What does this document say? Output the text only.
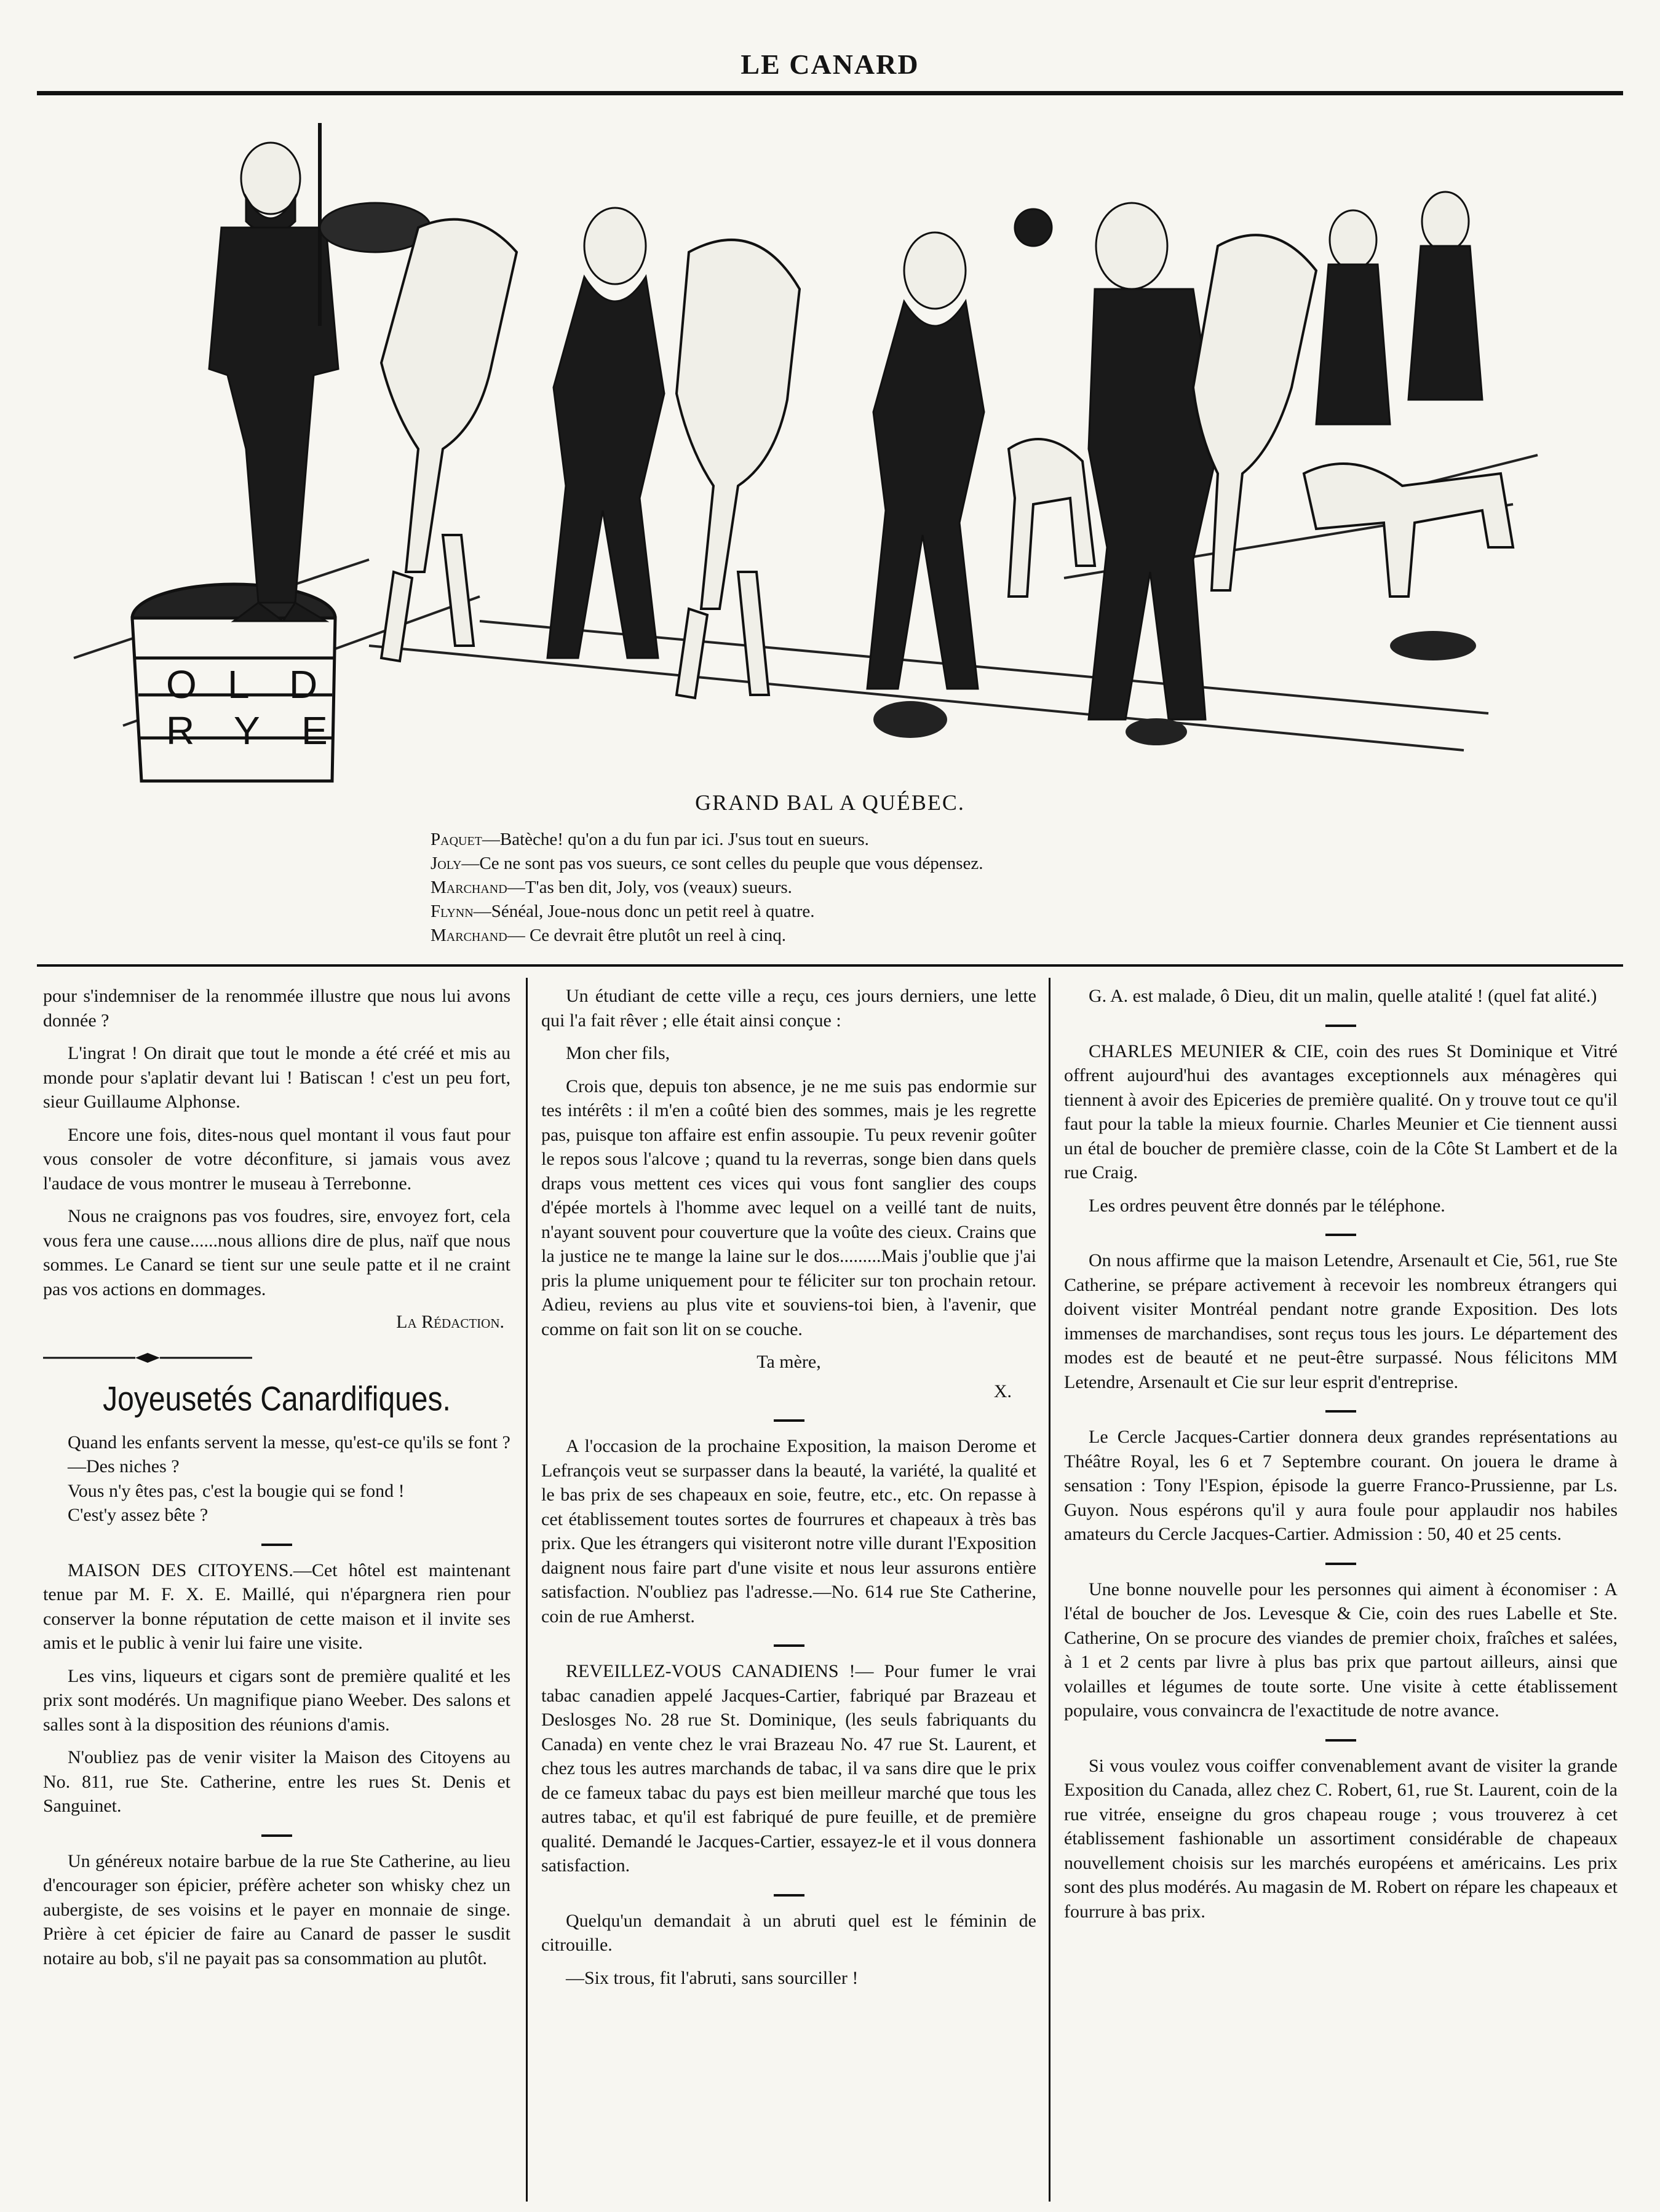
LE CANARD
O L D
R Y E
GRAND BAL A QUÉBEC.
Paquet—Batèche! qu'on a du fun par ici. J'sus tout en sueurs.
Joly—Ce ne sont pas vos sueurs, ce sont celles du peuple que vous dépensez.
Marchand—T'as ben dit, Joly, vos (veaux) sueurs.
Flynn—Sénéal, Joue-nous donc un petit reel à quatre.
Marchand— Ce devrait être plutôt un reel à cinq.

pour s'indemniser de la renommée illustre que nous lui avons donnée ?

L'ingrat ! On dirait que tout le monde a été créé et mis au monde pour s'aplatir devant lui ! Batiscan ! c'est un peu fort, sieur Guillaume Alphonse.

Encore une fois, dites-nous quel montant il vous faut pour vous consoler de votre déconfiture, si jamais vous avez l'audace de vous montrer le museau à Terrebonne.

Nous ne craignons pas vos foudres, sire, envoyez fort, cela vous fera une cause......nous allions dire de plus, naïf que nous sommes. Le Canard se tient sur une seule patte et il ne craint pas vos actions en dommages.

La Rédaction.
Joyeusetés Canardifiques.

Quand les enfants servent la messe, qu'est-ce qu'ils se font ?

—Des niches ?

Vous n'y êtes pas, c'est la bougie qui se fond !

C'est'y assez bête ?

MAISON DES CITOYENS.—Cet hôtel est maintenant tenue par M. F. X. E. Maillé, qui n'épargnera rien pour conserver la bonne réputation de cette maison et il invite ses amis et le public à venir lui faire une visite.

Les vins, liqueurs et cigars sont de première qualité et les prix sont modérés. Un magnifique piano Weeber. Des salons et salles sont à la disposition des réunions d'amis.

N'oubliez pas de venir visiter la Maison des Citoyens au No. 811, rue Ste. Catherine, entre les rues St. Denis et Sanguinet.

Un généreux notaire barbue de la rue Ste Catherine, au lieu d'encourager son épicier, préfère acheter son whisky chez un aubergiste, de ses voisins et le payer en monnaie de singe. Prière à cet épicier de faire au Canard de passer le susdit notaire au bob, s'il ne payait pas sa consommation au plutôt.

Un étudiant de cette ville a reçu, ces jours derniers, une lette qui l'a fait rêver ; elle était ainsi conçue :

Mon cher fils,

Crois que, depuis ton absence, je ne me suis pas endormie sur tes intérêts : il m'en a coûté bien des sommes, mais je les regrette pas, puisque ton affaire est enfin assoupie. Tu peux revenir goûter le repos sous l'alcove ; quand tu la reverras, songe bien dans quels draps vous mettent ces vices qui vous font sanglier des coups d'épée mortels à l'homme avec lequel on a veillé tant de nuits, n'ayant souvent pour couverture que la voûte des cieux. Crains que la justice ne te mange la laine sur le dos.........Mais j'oublie que j'ai pris la plume uniquement pour te féliciter sur ton prochain retour. Adieu, reviens au plus vite et souviens-toi bien, à l'avenir, que comme on fait son lit on se couche.

Ta mère,
X.

A l'occasion de la prochaine Exposition, la maison Derome et Lefrançois veut se surpasser dans la beauté, la variété, la qualité et le bas prix de ses chapeaux en soie, feutre, etc., etc. On repasse à cet établissement toutes sortes de fourrures et chapeaux à très bas prix. Que les étrangers qui visiteront notre ville durant l'Exposition daignent nous faire part d'une visite et nous leur assurons entière satisfaction. N'oubliez pas l'adresse.—No. 614 rue Ste Catherine, coin de rue Amherst.

REVEILLEZ-VOUS CANADIENS !— Pour fumer le vrai tabac canadien appelé Jacques-Cartier, fabriqué par Brazeau et Deslosges No. 28 rue St. Dominique, (les seuls fabriquants du Canada) en vente chez le vrai Brazeau No. 47 rue St. Laurent, et chez tous les autres marchands de tabac, il va sans dire que le prix de ce fameux tabac du pays est bien meilleur marché que tous les autres tabac, et qu'il est fabriqué de pure feuille, et de première qualité. Demandé le Jacques-Cartier, essayez-le et il vous donnera satisfaction.

Quelqu'un demandait à un abruti quel est le féminin de citrouille.

—Six trous, fit l'abruti, sans sourciller !

G. A. est malade, ô Dieu, dit un malin, quelle atalité ! (quel fat alité.)

CHARLES MEUNIER & CIE, coin des rues St Dominique et Vitré offrent aujourd'hui des avantages exceptionnels aux ménagères qui tiennent à avoir des Epiceries de première qualité. On y trouve tout ce qu'il faut pour la table la mieux fournie. Charles Meunier et Cie tiennent aussi un étal de boucher de première classe, coin de la Côte St Lambert et de la rue Craig.

Les ordres peuvent être donnés par le téléphone.

On nous affirme que la maison Letendre, Arsenault et Cie, 561, rue Ste Catherine, se prépare activement à recevoir les nombreux étrangers qui doivent visiter Montréal pendant notre grande Exposition. Des lots immenses de marchandises, sont reçus tous les jours. Le département des modes est de beauté et ne peut-être surpassé. Nous félicitons MM Letendre, Arsenault et Cie sur leur esprit d'entreprise.

Le Cercle Jacques-Cartier donnera deux grandes représentations au Théâtre Royal, les 6 et 7 Septembre courant. On jouera le drame à sensation : Tony l'Espion, épisode la guerre Franco-Prussienne, par Ls. Guyon. Nous espérons qu'il y aura foule pour applaudir nos habiles amateurs du Cercle Jacques-Cartier. Admission : 50, 40 et 25 cents.

Une bonne nouvelle pour les personnes qui aiment à économiser : A l'étal de boucher de Jos. Levesque & Cie, coin des rues Labelle et Ste. Catherine, On se procure des viandes de premier choix, fraîches et salées, à 1 et 2 cents par livre à plus bas prix que partout ailleurs, ainsi que volailles et légumes de toute sorte. Une visite à cette établissement populaire, vous convaincra de l'exactitude de notre avance.

Si vous voulez vous coiffer convenablement avant de visiter la grande Exposition du Canada, allez chez C. Robert, 61, rue St. Laurent, coin de la rue vitrée, enseigne du gros chapeau rouge ; vous trouverez à cet établissement fashionable un assortiment considérable de chapeaux nouvellement choisis sur les marchés européens et américains. Les prix sont des plus modérés. Au magasin de M. Robert on répare les chapeaux et fourrure à bas prix.
